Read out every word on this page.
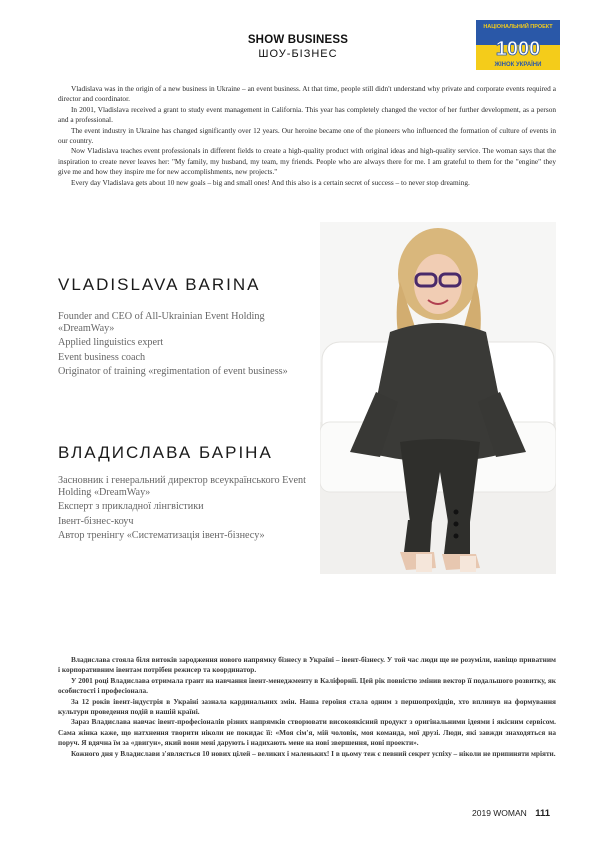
SHOW BUSINESS
ШОУ-БІЗНЕС
НАЦІОНАЛЬНИЙ ПРОЕКТ
1000
ЖІНОК УКРАЇНИ

Vladislava was in the origin of a new business in Ukraine – an event business. At that time, people still didn't understand why private and corporate events required a director and coordinator.

In 2001, Vladislava received a grant to study event management in California. This year has completely changed the vector of her further development, as a person and a professional.

The event industry in Ukraine has changed significantly over 12 years. Our heroine became one of the pioneers who influenced the formation of culture of events in our country.

Now Vladislava teaches event professionals in different fields to create a high-quality product with original ideas and high-quality service. The woman says that the inspiration to create never leaves her: "My family, my husband, my team, my friends. People who are always there for me. I am grateful to them for the "engine" they give me and how they inspire me for new accomplishments, new projects."

Every day Vladislava gets about 10 new goals – big and small ones! And this also is a certain secret of success – to never stop dreaming.

VLADISLAVA BARINA
Founder and CEO of All-Ukrainian Event Holding «DreamWay»
Applied linguistics expert
Event business coach
Originator of training «regimentation of event business»
ВЛАДИСЛАВА БАРІНА
Засновник і генеральний директор всеукраїнського Event Holding «DreamWay»
Експерт з прикладної лінгвістики
Івент-бізнес-коуч
Автор тренінгу «Систематизація івент-бізнесу»

Владислава стояла біля витоків зародження нового напрямку бізнесу в Україні – івент-бізнесу. У той час люди ще не розуміли, навіщо приватним і корпоративним івентам потрібен режисер та координатор.

У 2001 році Владислава отримала грант на навчання івент-менеджменту в Каліфорнії. Цей рік повністю змінив вектор її подальшого розвитку, як особистості і професіонала.

За 12 років івент-індустрія в Україні зазнала кардинальних змін. Наша героїня стала одним з першопрохідців, хто вплинув на формування культури проведення подій в нашій країні.

Зараз Владислава навчає івент-професіоналів різних напрямків створювати високоякісний продукт з оригінальними ідеями і якісним сервісом. Сама жінка каже, що натхнення творити ніколи не покидає її: «Моя сім'я, мій чоловік, моя команда, мої друзі. Люди, які завжди знаходяться на поруч. Я вдячна їм за «двигун», який вони мені дарують і надихають мене на нові звершення, нові проекти».

Кожного дня у Владислави з'являється 10 нових цілей – великих і маленьких! І в цьому теж є певний секрет успіху – ніколи не припиняти мріяти.

2019 WOMAN 111
